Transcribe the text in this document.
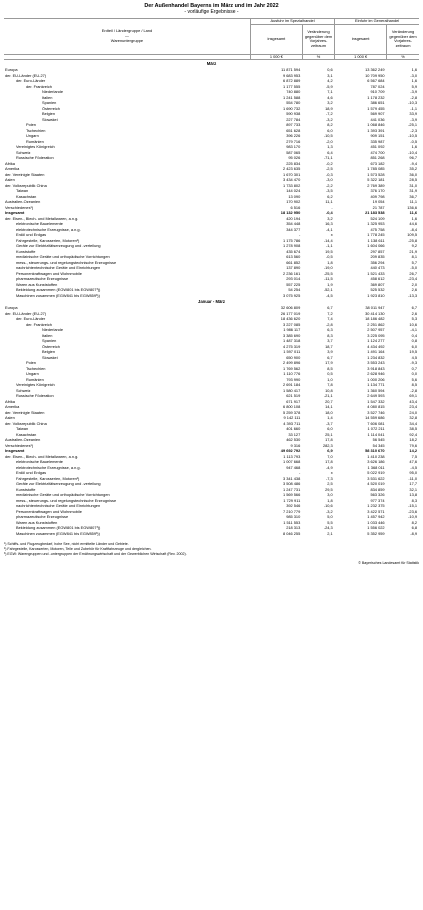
Der Außenhandel Bayerns im März und im Jahr 2022
- vorläufige Ergebnisse -
Erdteil / Ländergruppe / Land
—
Warenuntergruppe	Ausfuhr im Spezialhandel		Einfuhr im Generalhandel	
	insgesamt	Veränderung gegenüber dem Vorjahres- zeitraum	insgesamt	Veränderung gegenüber dem Vorjahres- zeitraum
	1 000 €	%	1 000 €	%
März				
Europa	11 871 594	0,6	13 362 249	1,6
der. EU-Länder (EU-27)	9 683 953	3,1	10 709 950	-3,0
der. Euro-Länder	6 872 889	4,2	6 567 684	1,6
der. Frankreich	1 177 555	-5,9	787 024	5,9
Niederlande	740 880	7,1	910 709	-3,9
Italien	1 241 588	4,6	1 178 232	-2,8
Spanien	554 780	3,2	386 651	-10,3
Österreich	1 690 732	18,9	1 579 455	-1,1
Belgien	590 938	-7,2	569 907	33,9
Slowakei	227 784	-3,2	441 036	-3,9
Polen	897 733	8,2	1 068 846	-25,1
Tschechien	651 628	6,0	1 393 391	-2,3
Ungarn	396 226	-10,5	909 151	-10,5
Rumänien	279 716	-2,0	335 987	-0,5
Vereinigtes Königreich	983 170	1,3	451 092	1,6
Schweiz	587 065	6,4	474 700	-10,4
Russische Föderation	95 026	-71,1	851 268	96,7
Afrika	225 834	-0,2	673 182	-9,4
Amerika	2 423 635	-2,5	1 785 085	35,2
der. Vereinigte Staaten	1 670 301	-0,3	1 573 528	36,0
Asien	3 434 470	-3,0	5 322 181	28,5
der. Volksrepublik China	1 733 802	-2,2	2 769 389	31,0
Taiwan	144 024	-3,5	376 170	31,9
Kasachstan	13 090	6,2	409 798	36,7
Australien-Ozeanien	170 902	11,1	19 054	11,1
Verschiedenes¹)	6 516	-	21 787	136,6

Insgesamt	18 132 950	-0,4	21 183 538	11,6

der. Eisen-, Blech- und Metallwaren, a.n.g.	420 194	3,2	524 109	1,6
elektronische Bauelemente	354 448	16,3	1 325 953	44,6
elektrotechnische Erzeugnisse, a.n.g.	344 377	-4,1	475 758	-8,4
Erdöl und Erdgas	-	x	1 778 245	109,5
Fahrgestelle, Karosserien, Motoren²)	1 175 786	-14,4	1 138 611	-25,8
Geräte zur Elektrizitätserzeugung und -verteilung	1 278 908	-1,1	1 604 066	9,2
Kunststoffe	435 674	19,5	297 857	21,9
medizinische Geräte und orthopädische Vorrichtungen	613 560	-0,5	209 835	8,1
mess-, steuerungs- und regelungstechnische Erzeugnisse	661 852	1,8	356 294	5,7
nachrichtentechnische Geräte und Einrichtungen	137 890	-19,0	440 473	-5,0
Personenkraftwagen und Wohnmobile	2 236 161	-25,5	1 521 433	26,7
pharmazeutische Erzeugnisse	293 014	-11,5	458 612	-23,4
Waren aus Kunststoffen	557 225	1,9	369 807	2,0
Bekleidung zusammen (EGW801 bis EGW807³))	54 254	-52,1	525 532	2,6
Maschinen zusammen (EGW841 bis EGW859³))	3 075 925	-4,5	1 923 810	-13,3
Januar - März				
Europa	32 606 809	6,7	38 011 947	6,7
der. EU-Länder (EU-27)	26 177 019	7,2	30 414 130	2,6
der. Euro-Länder	18 436 620	7,4	18 186 482	5,3
der. Frankreich	3 227 085	-2,8	2 251 862	10,6
Niederlande	1 986 117	6,3	2 507 957	-4,1
Italien	3 385 690	8,3	3 225 095	0,4
Spanien	1 487 318	3,7	1 124 277	0,8
Österreich	4 275 319	18,7	4 434 492	6,0
Belgien	1 597 011	3,9	1 491 164	19,5
Slowakei	650 900	6,7	1 234 832	4,5
Polen	2 499 896	17,9	3 553 243	-9,3
Tschechien	1 769 562	8,5	3 918 843	0,7
Ungarn	1 110 776	0,5	2 628 946	0,0
Rumänien	793 990	1,0	1 000 206	5,6
Vereinigtes Königreich	2 691 184	7,8	1 134 771	8,5
Schweiz	1 580 417	10,8	1 360 594	-2,8
Russische Föderation	621 519	-21,1	2 649 593	69,1
Afrika	671 917	20,7	1 547 332	43,4
Amerika	6 800 108	14,1	4 080 815	23,4
der. Vereinigte Staaten	5 259 378	18,0	3 527 746	24,0
Asien	9 142 111	1,4	14 559 686	32,8
der. Volksrepublik China	4 393 711	-3,7	7 606 081	34,4
Taiwan	401 660	6,0	1 072 211	38,5
Kasachstan	33 127	25,1	1 114 041	92,4
Australien-Ozeanien	462 530	17,8	56 545	18,2
Verschiedenes¹)	9 316	282,3	54 345	79,6

Insgesamt	49 692 792	6,9	58 310 670	14,2

der. Eisen-, Blech- und Metallwaren, a.n.g.	1 113 793	7,0	1 410 238	7,5
elektronische Bauelemente	1 007 668	17,8	3 626 186	47,6
elektrotechnische Erzeugnisse, a.n.g.	947 468	-4,9	1 368 011	-4,5
Erdöl und Erdgas	-	x	5 022 919	95,0
Fahrgestelle, Karosserien, Motoren²)	3 341 438	-7,3	3 531 622	-11,0
Geräte zur Elektrizitätserzeugung und -verteilung	3 508 486	2,5	4 520 019	17,7
Kunststoffe	1 247 731	29,5	834 859	32,1
medizinische Geräte und orthopädische Vorrichtungen	1 569 566	3,0	563 326	13,8
mess-, steuerungs- und regelungstechnische Erzeugnisse	1 729 911	1,8	977 374	8,3
nachrichtentechnische Geräte und Einrichtungen	392 546	-10,6	1 232 375	-15,1
Personenkraftwagen und Wohnmobile	7 210 779	-3,2	3 422 571	-23,6
pharmazeutische Erzeugnisse	985 310	5,0	1 457 942	-10,9
Waren aus Kunststoffen	1 511 553	5,5	1 033 446	8,2
Bekleidung zusammen (EGW801 bis EGW807³))	218 313	-24,3	1 556 022	6,8
Maschinen zusammen (EGW841 bis EGW859³))	8 046 255	2,1	5 352 959	-8,9
¹) Schiffs- und Flugzeugbedarf, hohe See, nicht ermittelte Länder und Gebiete.
²) Fahrgestelle, Karosserien, Motoren, Teile und Zubehör für Kraftfahrzeuge und dergleichen.
³) EGW: Warengruppen und -untergruppen der Ernährungswirtschaft und der Gewerblichen Wirtschaft (Rev. 2002).
© Bayerisches Landesamt für Statistik
